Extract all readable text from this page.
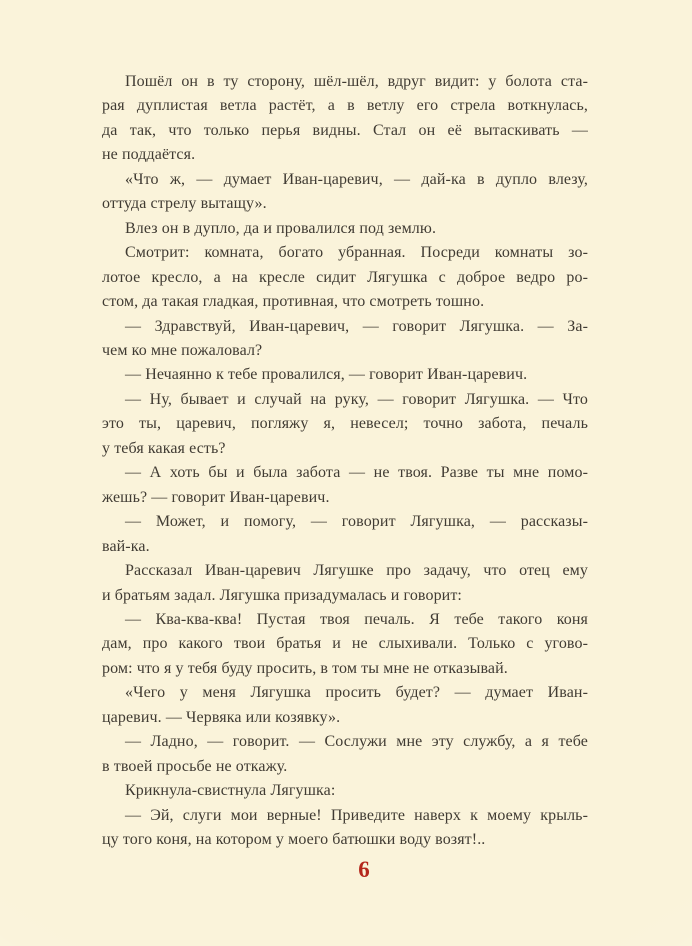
Пошёл он в ту сторону, шёл-шёл, вдруг видит: у болота ста-
рая дуплистая ветла растёт, а в ветлу его стрела воткнулась,
да так, что только перья видны. Стал он её вытаскивать —
не поддаётся.
«Что ж, — думает Иван-царевич, — дай-ка в дупло влезу,
оттуда стрелу вытащу».
Влез он в дупло, да и провалился под землю.
Смотрит: комната, богато убранная. Посреди комнаты зо-
лотое кресло, а на кресле сидит Лягушка с доброе ведро ро-
стом, да такая гладкая, противная, что смотреть тошно.
— Здравствуй, Иван-царевич, — говорит Лягушка. — За-
чем ко мне пожаловал?
— Нечаянно к тебе провалился, — говорит Иван-царевич.
— Ну, бывает и случай на руку, — говорит Лягушка. — Что
это ты, царевич, погляжу я, невесел; точно забота, печаль
у тебя какая есть?
— А хоть бы и была забота — не твоя. Разве ты мне помо-
жешь? — говорит Иван-царевич.
— Может, и помогу, — говорит Лягушка, — рассказы-
вай-ка.
Рассказал Иван-царевич Лягушке про задачу, что отец ему
и братьям задал. Лягушка призадумалась и говорит:
— Ква-ква-ква! Пустая твоя печаль. Я тебе такого коня
дам, про какого твои братья и не слыхивали. Только с угово-
ром: что я у тебя буду просить, в том ты мне не отказывай.
«Чего у меня Лягушка просить будет? — думает Иван-
царевич. — Червяка или козявку».
— Ладно, — говорит. — Сослужи мне эту службу, а я тебе
в твоей просьбе не откажу.
Крикнула-свистнула Лягушка:
— Эй, слуги мои верные! Приведите наверх к моему крыль-
цу того коня, на котором у моего батюшки воду возят!..
6
